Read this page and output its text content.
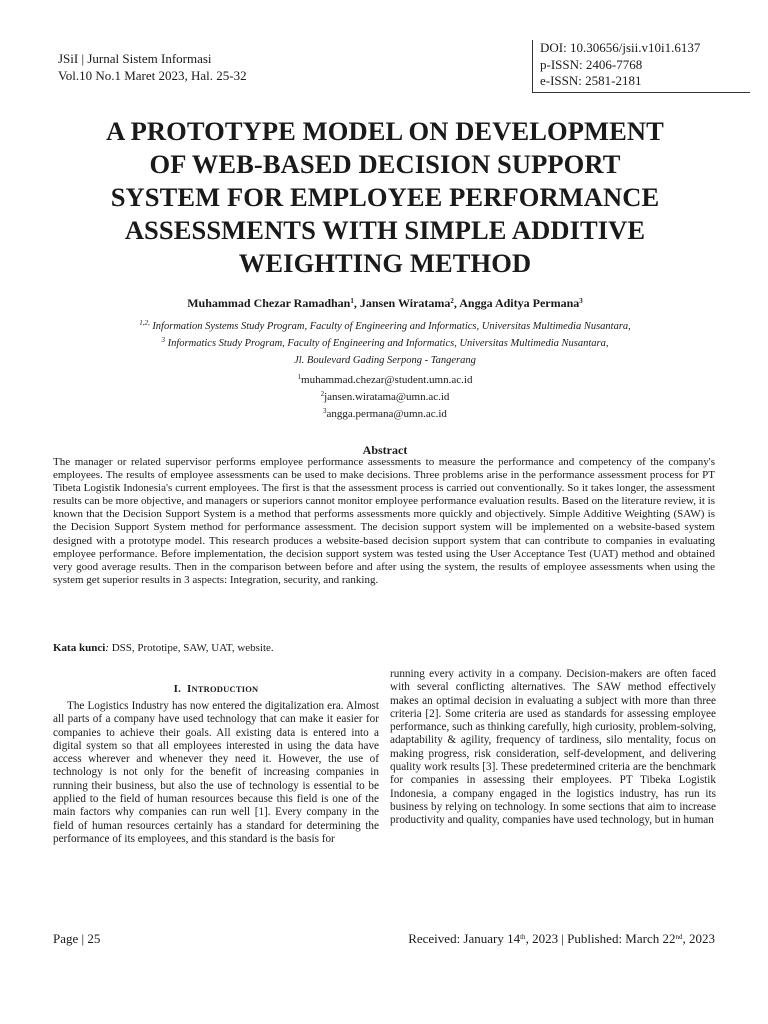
JSiI | Jurnal Sistem Informasi
Vol.10 No.1 Maret 2023, Hal. 25-32
DOI: 10.30656/jsii.v10i1.6137
p-ISSN: 2406-7768
e-ISSN: 2581-2181
A PROTOTYPE MODEL ON DEVELOPMENT
OF WEB-BASED DECISION SUPPORT
SYSTEM FOR EMPLOYEE PERFORMANCE
ASSESSMENTS WITH SIMPLE ADDITIVE
WEIGHTING METHOD
Muhammad Chezar Ramadhan$^1$, Jansen Wiratama$^2$, Angga Aditya Permana$^3$
$^{1,2,}$ Information Systems Study Program, Faculty of Engineering and Informatics, Universitas Multimedia Nusantara,
$^3$ Informatics Study Program, Faculty of Engineering and Informatics, Universitas Multimedia Nusantara,
Jl. Boulevard Gading Serpong - Tangerang
$^1$muhammad.chezar@student.umn.ac.id
$^2$jansen.wiratama@umn.ac.id
$^3$angga.permana@umn.ac.id
Abstract

The manager or related supervisor performs employee performance assessments to measure the performance and competency of the company's employees. The results of employee assessments can be used to make decisions. Three problems arise in the performance assessment process for PT Tibeta Logistik Indonesia's current employees. The first is that the assessment process is carried out conventionally. So it takes longer, the assessment results can be more objective, and managers or superiors cannot monitor employee performance evaluation results. Based on the literature review, it is known that the Decision Support System is a method that performs assessments more quickly and objectively. Simple Additive Weighting (SAW) is the Decision Support System method for performance assessment. The decision support system will be implemented on a website-based system designed with a prototype model. This research produces a website-based decision support system that can contribute to companies in evaluating employee performance. Before implementation, the decision support system was tested using the User Acceptance Test (UAT) method and obtained very good average results. Then in the comparison between before and after using the system, the results of employee assessments when using the system get superior results in 3 aspects: Integration, security, and ranking.

Kata kunci: DSS, Prototipe, SAW, UAT, website.
I. INTRODUCTION

The Logistics Industry has now entered the digitalization era. Almost all parts of a company have used technology that can make it easier for companies to achieve their goals. All existing data is entered into a digital system so that all employees interested in using the data have access wherever and whenever they need it. However, the use of technology is not only for the benefit of increasing companies in running their business, but also the use of technology is essential to be applied to the field of human resources because this field is one of the main factors why companies can run well [1]. Every company in the field of human resources certainly has a standard for determining the performance of its employees, and this standard is the basis for

running every activity in a company. Decision-makers are often faced with several conflicting alternatives. The SAW method effectively makes an optimal decision in evaluating a subject with more than three criteria [2]. Some criteria are used as standards for assessing employee performance, such as thinking carefully, high curiosity, problem-solving, adaptability & agility, frequency of tardiness, silo mentality, focus on making progress, risk consideration, self-development, and delivering quality work results [3]. These predetermined criteria are the benchmark for companies in assessing their employees. PT Tibeka Logistik Indonesia, a company engaged in the logistics industry, has run its business by relying on technology. In some sections that aim to increase productivity and quality, companies have used technology, but in human

Page | 25	Received: January 14th, 2023 | Published: March 22nd, 2023
